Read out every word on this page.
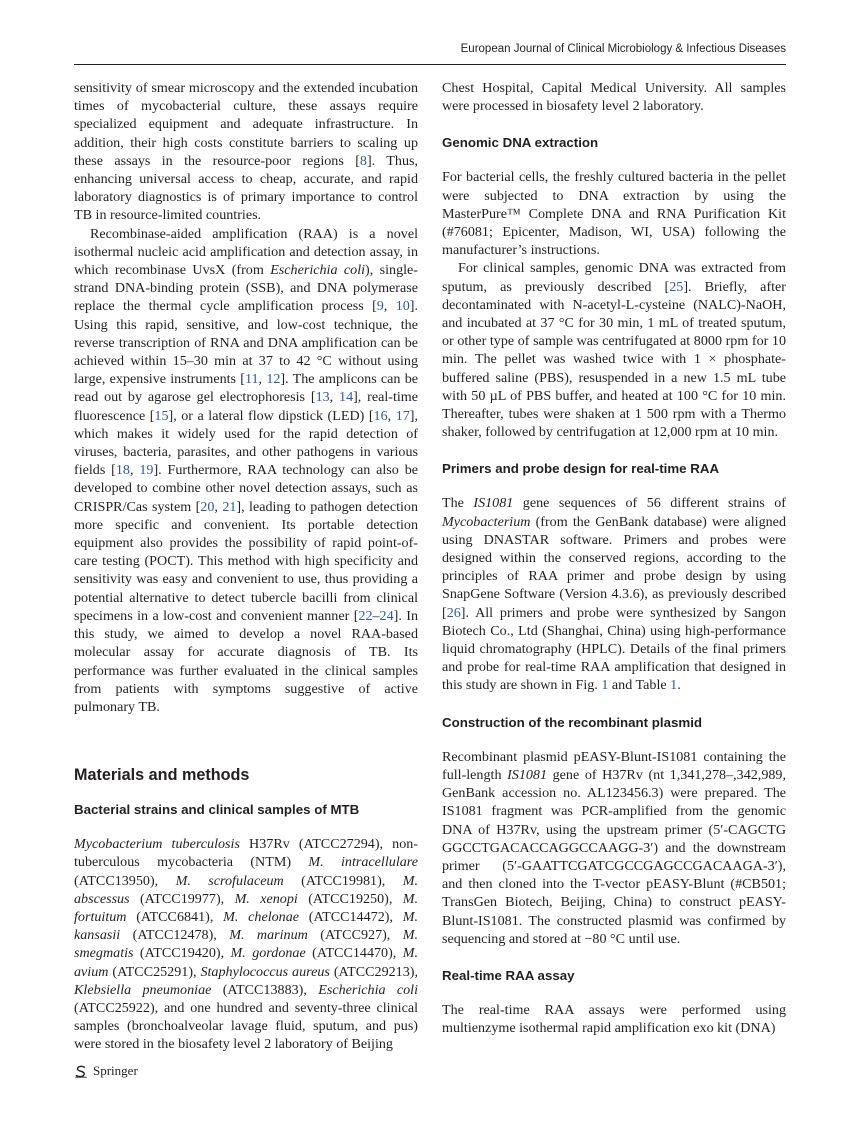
European Journal of Clinical Microbiology & Infectious Diseases

sensitivity of smear microscopy and the extended incubation times of mycobacterial culture, these assays require specialized equipment and adequate infrastructure. In addition, their high costs constitute barriers to scaling up these assays in the resource-poor regions [8]. Thus, enhancing universal access to cheap, accurate, and rapid laboratory diagnostics is of primary importance to control TB in resource-limited countries.

Recombinase-aided amplification (RAA) is a novel isothermal nucleic acid amplification and detection assay, in which recombinase UvsX (from Escherichia coli), single-strand DNA-binding protein (SSB), and DNA polymerase replace the thermal cycle amplification process [9, 10]. Using this rapid, sensitive, and low-cost technique, the reverse transcription of RNA and DNA amplification can be achieved within 15–30 min at 37 to 42 °C without using large, expensive instruments [11, 12]. The amplicons can be read out by agarose gel electrophoresis [13, 14], real-time fluorescence [15], or a lateral flow dipstick (LED) [16, 17], which makes it widely used for the rapid detection of viruses, bacteria, parasites, and other pathogens in various fields [18, 19]. Furthermore, RAA technology can also be developed to combine other novel detection assays, such as CRISPR/Cas system [20, 21], leading to pathogen detection more specific and convenient. Its portable detection equipment also provides the possibility of rapid point-of-care testing (POCT). This method with high specificity and sensitivity was easy and convenient to use, thus providing a potential alternative to detect tubercle bacilli from clinical specimens in a low-cost and convenient manner [22–24]. In this study, we aimed to develop a novel RAA-based molecular assay for accurate diagnosis of TB. Its performance was further evaluated in the clinical samples from patients with symptoms suggestive of active pulmonary TB.

Materials and methods
Bacterial strains and clinical samples of MTB

Mycobacterium tuberculosis H37Rv (ATCC27294), non-tuberculous mycobacteria (NTM) M. intracellulare (ATCC13950), M. scrofulaceum (ATCC19981), M. abscessus (ATCC19977), M. xenopi (ATCC19250), M. fortuitum (ATCC6841), M. chelonae (ATCC14472), M. kansasii (ATCC12478), M. marinum (ATCC927), M. smegmatis (ATCC19420), M. gordonae (ATCC14470), M. avium (ATCC25291), Staphylococcus aureus (ATCC29213), Klebsiella pneumoniae (ATCC13883), Escherichia coli (ATCC25922), and one hundred and seventy-three clinical samples (bronchoalveolar lavage fluid, sputum, and pus) were stored in the biosafety level 2 laboratory of Beijing

Chest Hospital, Capital Medical University. All samples were processed in biosafety level 2 laboratory.

Genomic DNA extraction

For bacterial cells, the freshly cultured bacteria in the pellet were subjected to DNA extraction by using the MasterPure™ Complete DNA and RNA Purification Kit (#76081; Epicenter, Madison, WI, USA) following the manufacturer’s instructions.

For clinical samples, genomic DNA was extracted from sputum, as previously described [25]. Briefly, after decontaminated with N-acetyl-L-cysteine (NALC)-NaOH, and incubated at 37 °C for 30 min, 1 mL of treated sputum, or other type of sample was centrifugated at 8000 rpm for 10 min. The pellet was washed twice with 1 × phosphate-buffered saline (PBS), resuspended in a new 1.5 mL tube with 50 µL of PBS buffer, and heated at 100 °C for 10 min. Thereafter, tubes were shaken at 1 500 rpm with a Thermo shaker, followed by centrifugation at 12,000 rpm at 10 min.

Primers and probe design for real-time RAA

The IS1081 gene sequences of 56 different strains of Mycobacterium (from the GenBank database) were aligned using DNASTAR software. Primers and probes were designed within the conserved regions, according to the principles of RAA primer and probe design by using SnapGene Software (Version 4.3.6), as previously described [26]. All primers and probe were synthesized by Sangon Biotech Co., Ltd (Shanghai, China) using high-performance liquid chromatography (HPLC). Details of the final primers and probe for real-time RAA amplification that designed in this study are shown in Fig. 1 and Table 1.

Construction of the recombinant plasmid

Recombinant plasmid pEASY-Blunt-IS1081 containing the full-length IS1081 gene of H37Rv (nt 1,341,278–,342,989, GenBank accession no. AL123456.3) were prepared. The IS1081 fragment was PCR-amplified from the genomic DNA of H37Rv, using the upstream primer (5′-CAGCTG GGCCTGACACCAGGCCAAGG-3′) and the downstream primer (5′-GAATTCGATCGCCGAGCCGACAAGA-3′), and then cloned into the T-vector pEASY-Blunt (#CB501; TransGen Biotech, Beijing, China) to construct pEASY-Blunt-IS1081. The constructed plasmid was confirmed by sequencing and stored at −80 °C until use.

Real-time RAA assay

The real-time RAA assays were performed using multienzyme isothermal rapid amplification exo kit (DNA)

Springer
